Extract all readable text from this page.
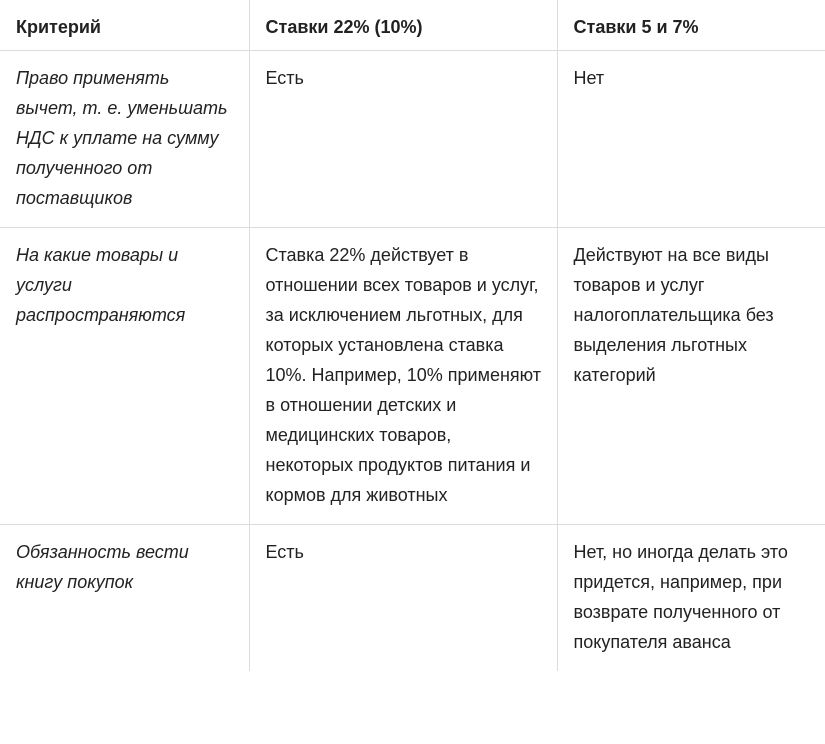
Критерий	Ставки 22% (10%)	Ставки 5 и 7%
Право применять вычет, т. е. уменьшать НДС к уплате на сумму полученного от поставщиков	Есть	Нет
На какие товары и услуги распространяются	Ставка 22% действует в отношении всех товаров и услуг, за исключением льготных, для которых установлена ставка 10%. Например, 10% применяют в отношении детских и медицинских товаров, некоторых продуктов питания и кормов для животных	Действуют на все виды товаров и услуг налогоплательщика без выделения льготных категорий
Обязанность вести книгу покупок	Есть	Нет, но иногда делать это придется, например, при возврате полученного от покупателя аванса
